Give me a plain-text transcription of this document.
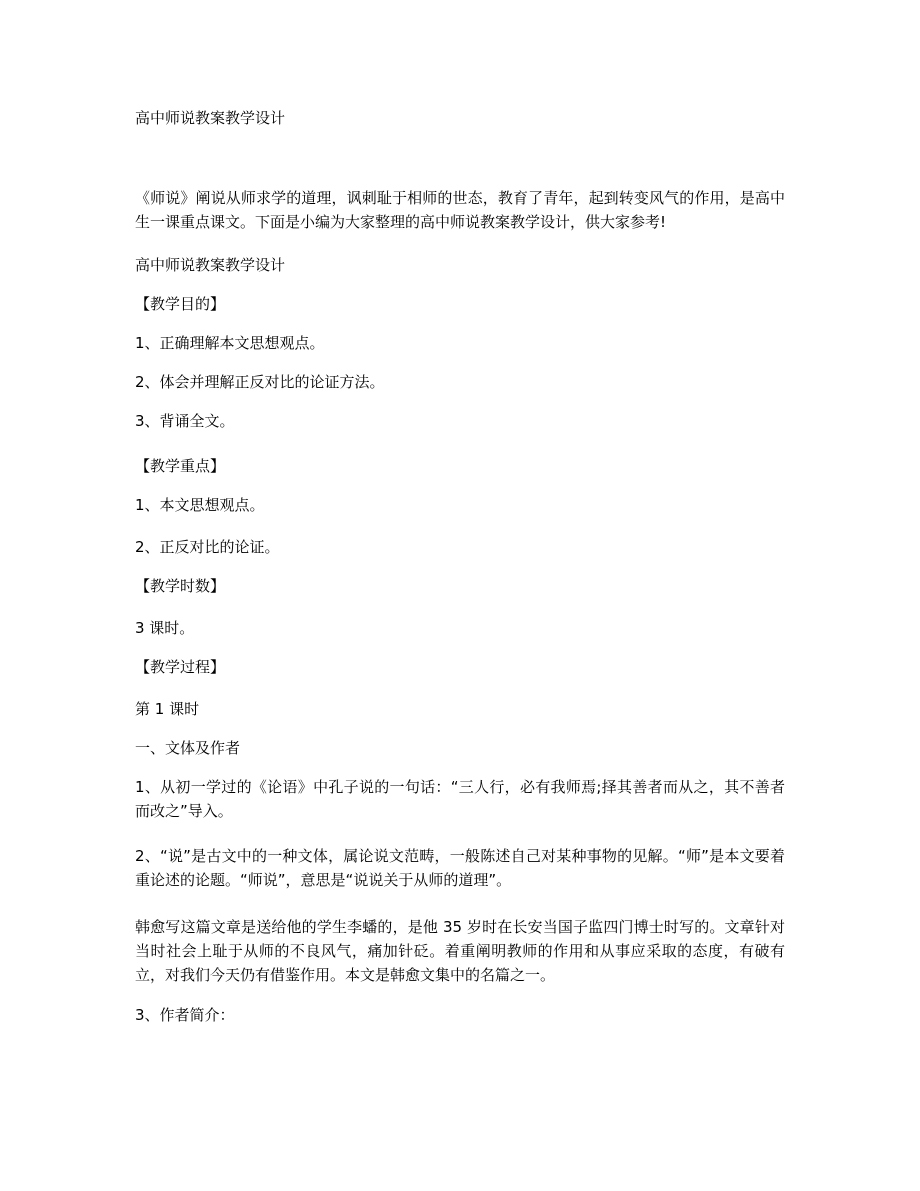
高中师说教案教学设计

《师说》阐说从师求学的道理，讽刺耻于相师的世态，教育了青年，起到转变风气的作用，是高中生一课重点课文。下面是小编为大家整理的高中师说教案教学设计，供大家参考!

高中师说教案教学设计

【教学目的】

1、正确理解本文思想观点。

2、体会并理解正反对比的论证方法。

3、背诵全文。

【教学重点】

1、本文思想观点。

2、正反对比的论证。

【教学时数】

3 课时。

【教学过程】

第 1 课时

一、文体及作者

1、从初一学过的《论语》中孔子说的一句话：“三人行，必有我师焉;择其善者而从之，其不善者而改之”导入。

2、“说”是古文中的一种文体，属论说文范畴，一般陈述自己对某种事物的见解。“师”是本文要着重论述的论题。“师说”，意思是“说说关于从师的道理”。

韩愈写这篇文章是送给他的学生李蟠的，是他 35 岁时在长安当国子监四门博士时写的。文章针对当时社会上耻于从师的不良风气，痛加针砭。着重阐明教师的作用和从事应采取的态度，有破有立，对我们今天仍有借鉴作用。本文是韩愈文集中的名篇之一。

3、作者简介：
